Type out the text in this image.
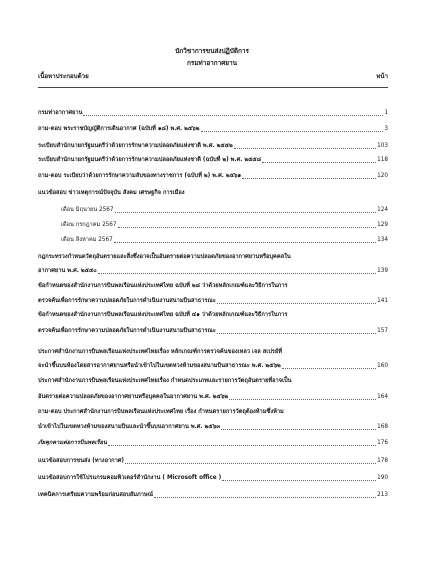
นักวิชาการขนส่งปฏิบัติการ
กรมท่าอากาศยาน
เนื้อหาประกอบด้วย	หน้า
กรมท่าอากาศยาน	1
ถาม-ตอบ พระราชบัญญัติการเดินอากาศ (ฉบับที่ ๑๘) พ.ศ. ๒๕๖๒	3
ระเบียบสำนักนายกรัฐมนตรีว่าด้วยการรักษาความปลอดภัยแห่งชาติ พ.ศ. ๒๕๕๒	103
ระเบียบสำนักนายกรัฐมนตรีว่าด้วยการรักษาความปลอดภัยแห่งชาติ (ฉบับที่ ๒) พ.ศ. ๒๕๕๘	118
ถาม-ตอบ ระเบียบว่าด้วยการรักษาความลับของทางราชการ (ฉบับที่ ๒) พ.ศ. ๒๕๖๑	120
แนวข้อสอบ ข่าวเหตุการณ์ปัจจุบัน สังคม เศรษฐกิจ การเมือง
เดือน มิถุนายน 2567	124
เดือน กรกฎาคม 2567	129
เดือน สิงหาคม 2567	134
กฎกระทรวงกำหนดวัตถุอันตรายและสิ่งซึ่งอาจเป็นอันตรายต่อความปลอดภัยของอากาศยานหรือบุคคลใน
อากาศยาน พ.ศ. ๒๕๕๐	139
ข้อกำหนดของสำนักงานการบินพลเรือนแห่งประเทศไทย ฉบับที่ ๒๘ ว่าด้วยหลักเกณฑ์และวิธีการในการ
ตรวจค้นเพื่อการรักษาความปลอดภัยในการดำเนินงานสนามบินสาธารณะ	141
ข้อกำหนดของสำนักงานการบินพลเรือนแห่งประเทศไทย ฉบับที่ ๔๑ ว่าด้วยหลักเกณฑ์และวิธีการในการ
ตรวจค้นเพื่อการรักษาความปลอดภัยในการดำเนินงานสนามบินสาธารณะ	157
ประกาศสำนักงานการบินพลเรือนแห่งประเทศไทยเรื่อง หลักเกณฑ์การตรวจค้นของเหลว เจล สเปรย์ที่
จะนำขึ้นบนห้องโดยสารอากาศยานหรือนำเข้าไปในเขตหวงห้ามของสนามบินสาธารณะ พ.ศ. ๒๕๖๒	160
ประกาศสำนักงานการบินพลเรือนแห่งประเทศไทยเรื่อง กำหนดประเภทและรายการวัตถุอันตรายที่อาจเป็น
อันตรายต่อความปลอดภัยของอากาศยานหรือบุคคลในอากาศยาน พ.ศ. ๒๕๖๒	164
ถาม-ตอบ ประกาศสำนักงานการบินพลเรือนแห่งประเทศไทย เรื่อง กำหนดรายการวัตถุต้องห้ามซึ่งห้าม
นำเข้าไปในเขตหวงห้ามของสนามบินและนำขึ้นบนอากาศยาน พ.ศ. ๒๕๖๓	168
ภัยคุกคามต่อการบินพลเรือน	176
แนวข้อสอบการขนส่ง (ทางอากาศ)	178
แนวข้อสอบการใช้โปรแกรมคอมพิวเตอร์สำนักงาน ( Microsoft office )	190
เทคนิคการเตรียมความพร้อมก่อนสอบสัมภาษณ์	213
